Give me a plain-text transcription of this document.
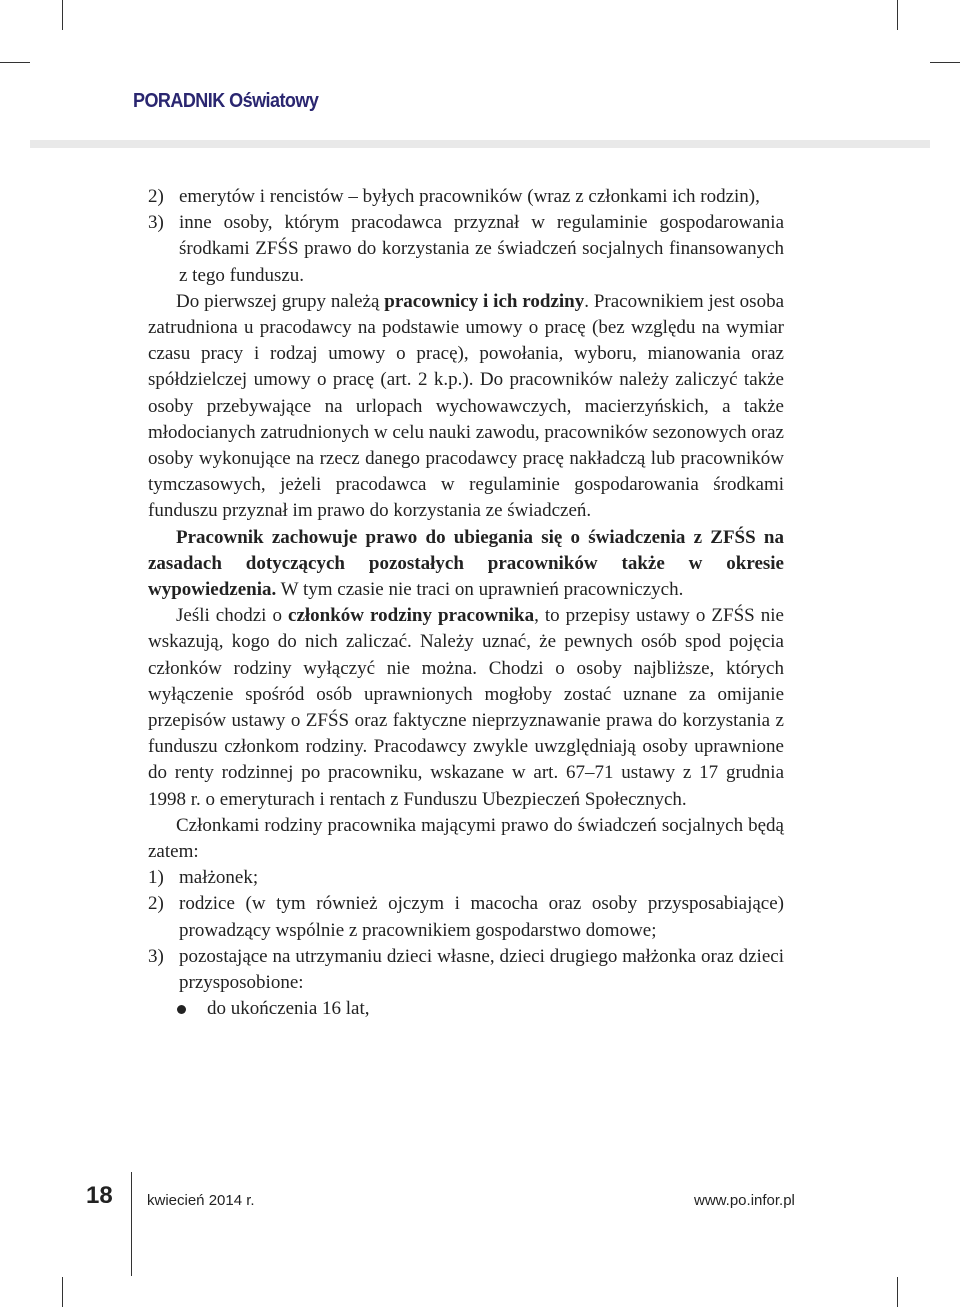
PORADNIK Oświatowy

2) emerytów i rencistów – byłych pracowników (wraz z członkami ich rodzin),

3) inne osoby, którym pracodawca przyznał w regulaminie gospodarowania środkami ZFŚS prawo do korzystania ze świadczeń socjalnych finansowanych z tego funduszu.

Do pierwszej grupy należą pracownicy i ich rodziny. Pracownikiem jest osoba zatrudniona u pracodawcy na podstawie umowy o pracę (bez względu na wymiar czasu pracy i rodzaj umowy o pracę), powołania, wyboru, mianowania oraz spółdzielczej umowy o pracę (art. 2 k.p.). Do pracowników należy zaliczyć także osoby przebywające na urlopach wychowawczych, macierzyńskich, a także młodocianych zatrudnionych w celu nauki zawodu, pracowników sezonowych oraz osoby wykonujące na rzecz danego pracodawcy pracę nakładczą lub pracowników tymczasowych, jeżeli pracodawca w regulaminie gospodarowania środkami funduszu przyznał im prawo do korzystania ze świadczeń.

Pracownik zachowuje prawo do ubiegania się o świadczenia z ZFŚS na zasadach dotyczących pozostałych pracowników także w okresie wypowiedzenia. W tym czasie nie traci on uprawnień pracowniczych.

Jeśli chodzi o członków rodziny pracownika, to przepisy ustawy o ZFŚS nie wskazują, kogo do nich zaliczać. Należy uznać, że pewnych osób spod pojęcia członków rodziny wyłączyć nie można. Chodzi o osoby najbliższe, których wyłączenie spośród osób uprawnionych mogłoby zostać uznane za omijanie przepisów ustawy o ZFŚS oraz faktyczne nieprzyznawanie prawa do korzystania z funduszu członkom rodziny. Pracodawcy zwykle uwzględniają osoby uprawnione do renty rodzinnej po pracowniku, wskazane w art. 67–71 ustawy z 17 grudnia 1998 r. o emeryturach i rentach z Funduszu Ubezpieczeń Społecznych.

Członkami rodziny pracownika mającymi prawo do świadczeń socjalnych będą zatem:

1) małżonek;

2) rodzice (w tym również ojczym i macocha oraz osoby przysposabiające) prowadzący wspólnie z pracownikiem gospodarstwo domowe;

3) pozostające na utrzymaniu dzieci własne, dzieci drugiego małżonka oraz dzieci przysposobione:

do ukończenia 16 lat,

18 kwiecień 2014 r.	www.po.infor.pl
